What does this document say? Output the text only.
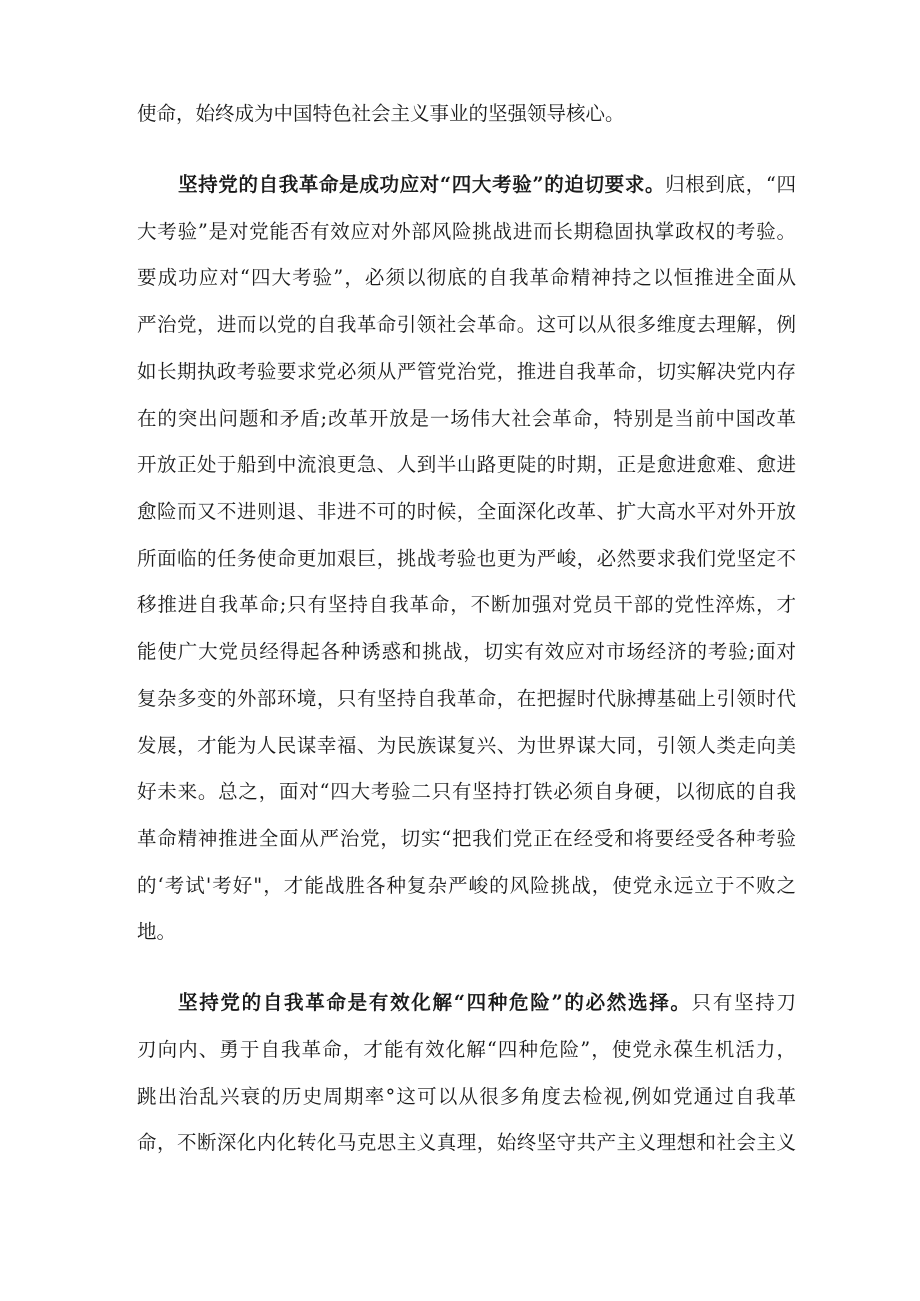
使命，始终成为中国特色社会主义事业的坚强领导核心。
坚持党的自我革命是成功应对“四大考验”的迫切要求。归根到底，“四
大考验”是对党能否有效应对外部风险挑战进而长期稳固执掌政权的考验。
要成功应对“四大考验”，必须以彻底的自我革命精神持之以恒推进全面从
严治党，进而以党的自我革命引领社会革命。这可以从很多维度去理解，例
如长期执政考验要求党必须从严管党治党，推进自我革命，切实解决党内存
在的突出问题和矛盾;改革开放是一场伟大社会革命，特别是当前中国改革
开放正处于船到中流浪更急、人到半山路更陡的时期，正是愈进愈难、愈进
愈险而又不进则退、非进不可的时候，全面深化改革、扩大高水平对外开放
所面临的任务使命更加艰巨，挑战考验也更为严峻，必然要求我们党坚定不
移推进自我革命;只有坚持自我革命，不断加强对党员干部的党性淬炼，才
能使广大党员经得起各种诱惑和挑战，切实有效应对市场经济的考验;面对
复杂多变的外部环境，只有坚持自我革命，在把握时代脉搏基础上引领时代
发展，才能为人民谋幸福、为民族谋复兴、为世界谋大同，引领人类走向美
好未来。总之，面对“四大考验二只有坚持打铁必须自身硬，以彻底的自我
革命精神推进全面从严治党，切实“把我们党正在经受和将要经受各种考验
的‘考试'考好"，才能战胜各种复杂严峻的风险挑战，使党永远立于不败之
地。
坚持党的自我革命是有效化解“四种危险”的必然选择。只有坚持刀
刃向内、勇于自我革命，才能有效化解“四种危险”，使党永葆生机活力，
跳出治乱兴衰的历史周期率°这可以从很多角度去检视,例如党通过自我革
命，不断深化内化转化马克思主义真理，始终坚守共产主义理想和社会主义
